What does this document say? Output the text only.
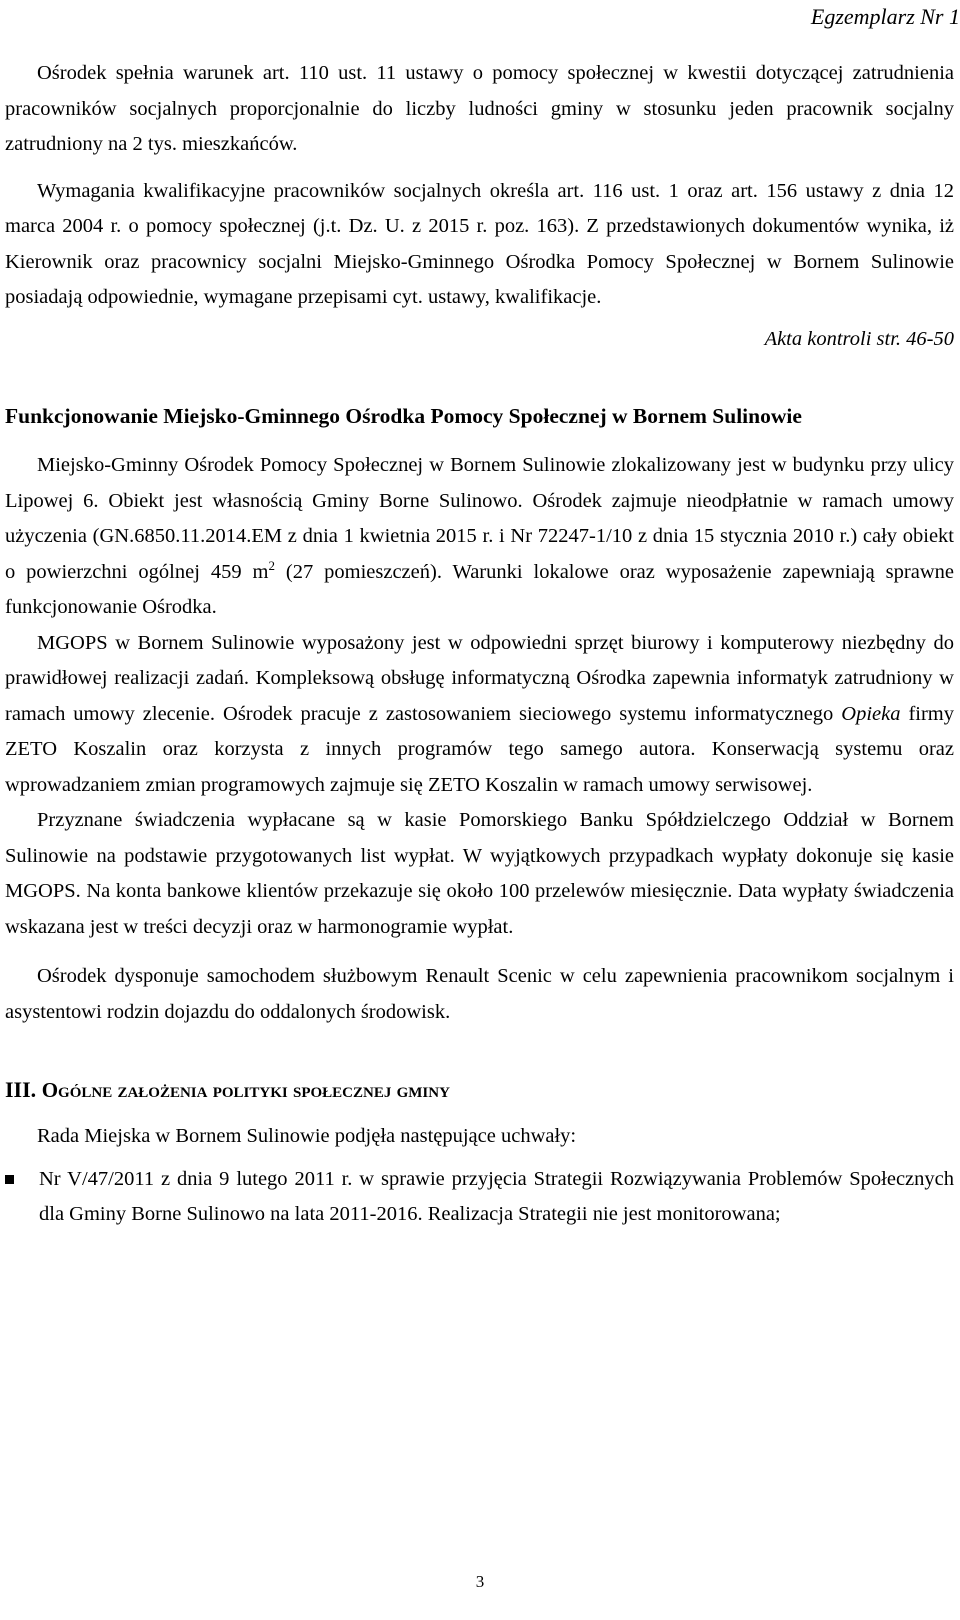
Egzemplarz Nr 1

Ośrodek spełnia warunek art. 110 ust. 11 ustawy o pomocy społecznej w kwestii dotyczącej zatrudnienia pracowników socjalnych proporcjonalnie do liczby ludności gminy w stosunku jeden pracownik socjalny zatrudniony na 2 tys. mieszkańców.

Wymagania kwalifikacyjne pracowników socjalnych określa art. 116 ust. 1 oraz art. 156 ustawy z dnia 12 marca 2004 r. o pomocy społecznej (j.t. Dz. U. z 2015 r. poz. 163). Z przedstawionych dokumentów wynika, iż Kierownik oraz pracownicy socjalni Miejsko-Gminnego Ośrodka Pomocy Społecznej w Bornem Sulinowie posiadają odpowiednie, wymagane przepisami cyt. ustawy, kwalifikacje.

Akta kontroli str. 46-50

Funkcjonowanie Miejsko-Gminnego Ośrodka Pomocy Społecznej w Bornem Sulinowie

Miejsko-Gminny Ośrodek Pomocy Społecznej w Bornem Sulinowie zlokalizowany jest w budynku przy ulicy Lipowej 6. Obiekt jest własnością Gminy Borne Sulinowo. Ośrodek zajmuje nieodpłatnie w ramach umowy użyczenia (GN.6850.11.2014.EM z dnia 1 kwietnia 2015 r. i Nr 72247-1/10 z dnia 15 stycznia 2010 r.) cały obiekt o powierzchni ogólnej 459 $m^2$ (27 pomieszczeń). Warunki lokalowe oraz wyposażenie zapewniają sprawne funkcjonowanie Ośrodka.

MGOPS w Bornem Sulinowie wyposażony jest w odpowiedni sprzęt biurowy i komputerowy niezbędny do prawidłowej realizacji zadań. Kompleksową obsługę informatyczną Ośrodka zapewnia informatyk zatrudniony w ramach umowy zlecenie. Ośrodek pracuje z zastosowaniem sieciowego systemu informatycznego Opieka firmy ZETO Koszalin oraz korzysta z innych programów tego samego autora. Konserwacją systemu oraz wprowadzaniem zmian programowych zajmuje się ZETO Koszalin w ramach umowy serwisowej.

Przyznane świadczenia wypłacane są w kasie Pomorskiego Banku Spółdzielczego Oddział w Bornem Sulinowie na podstawie przygotowanych list wypłat. W wyjątkowych przypadkach wypłaty dokonuje się kasie MGOPS. Na konta bankowe klientów przekazuje się około 100 przelewów miesięcznie. Data wypłaty świadczenia wskazana jest w treści decyzji oraz w harmonogramie wypłat.

Ośrodek dysponuje samochodem służbowym Renault Scenic w celu zapewnienia pracownikom socjalnym i asystentowi rodzin dojazdu do oddalonych środowisk.

III. Ogólne założenia polityki społecznej gminy

Rada Miejska w Bornem Sulinowie podjęła następujące uchwały:

Nr V/47/2011 z dnia 9 lutego 2011 r. w sprawie przyjęcia Strategii Rozwiązywania Problemów Społecznych dla Gminy Borne Sulinowo na lata 2011-2016. Realizacja Strategii nie jest monitorowana;

3
